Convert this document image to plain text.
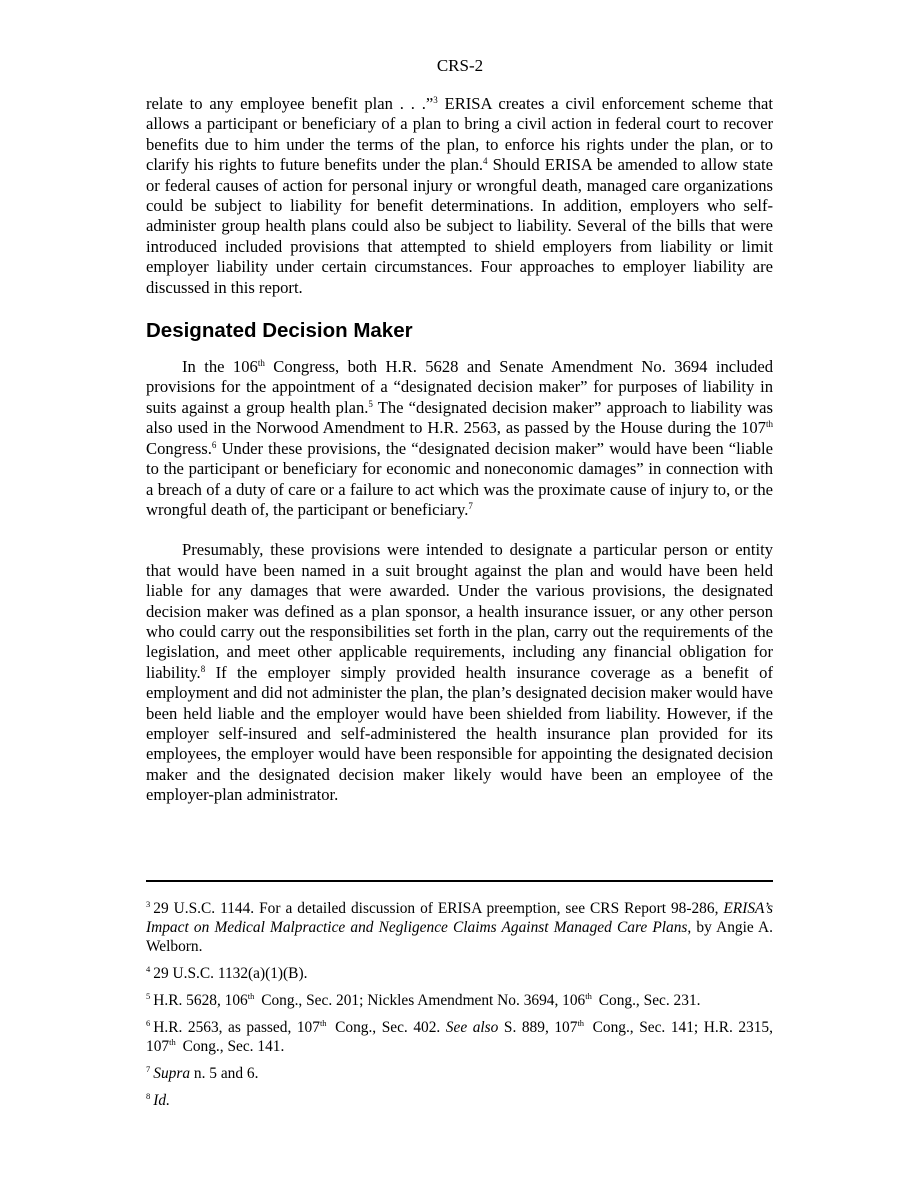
CRS-2

relate to any employee benefit plan . . .”$^3$ ERISA creates a civil enforcement scheme that allows a participant or beneficiary of a plan to bring a civil action in federal court to recover benefits due to him under the terms of the plan, to enforce his rights under the plan, or to clarify his rights to future benefits under the plan.$^4$ Should ERISA be amended to allow state or federal causes of action for personal injury or wrongful death, managed care organizations could be subject to liability for benefit determinations. In addition, employers who self-administer group health plans could also be subject to liability. Several of the bills that were introduced included provisions that attempted to shield employers from liability or limit employer liability under certain circumstances. Four approaches to employer liability are discussed in this report.

Designated Decision Maker

In the 106th Congress, both H.R. 5628 and Senate Amendment No. 3694 included provisions for the appointment of a “designated decision maker” for purposes of liability in suits against a group health plan.$^5$ The “designated decision maker” approach to liability was also used in the Norwood Amendment to H.R. 2563, as passed by the House during the 107th Congress.$^6$ Under these provisions, the “designated decision maker” would have been “liable to the participant or beneficiary for economic and noneconomic damages” in connection with a breach of a duty of care or a failure to act which was the proximate cause of injury to, or the wrongful death of, the participant or beneficiary.$^7$

Presumably, these provisions were intended to designate a particular person or entity that would have been named in a suit brought against the plan and would have been held liable for any damages that were awarded. Under the various provisions, the designated decision maker was defined as a plan sponsor, a health insurance issuer, or any other person who could carry out the responsibilities set forth in the plan, carry out the requirements of the legislation, and meet other applicable requirements, including any financial obligation for liability.$^8$ If the employer simply provided health insurance coverage as a benefit of employment and did not administer the plan, the plan’s designated decision maker would have been held liable and the employer would have been shielded from liability. However, if the employer self-insured and self-administered the health insurance plan provided for its employees, the employer would have been responsible for appointing the designated decision maker and the designated decision maker likely would have been an employee of the employer-plan administrator.

$^3$ 29 U.S.C. 1144. For a detailed discussion of ERISA preemption, see CRS Report 98-286, ERISA’s Impact on Medical Malpractice and Negligence Claims Against Managed Care Plans, by Angie A. Welborn.

$^4$ 29 U.S.C. 1132(a)(1)(B).

$^5$ H.R. 5628, 106th Cong., Sec. 201; Nickles Amendment No. 3694, 106th Cong., Sec. 231.

$^6$ H.R. 2563, as passed, 107th Cong., Sec. 402. See also S. 889, 107th Cong., Sec. 141; H.R. 2315, 107th Cong., Sec. 141.

$^7$ Supra n. 5 and 6.

$^8$ Id.
